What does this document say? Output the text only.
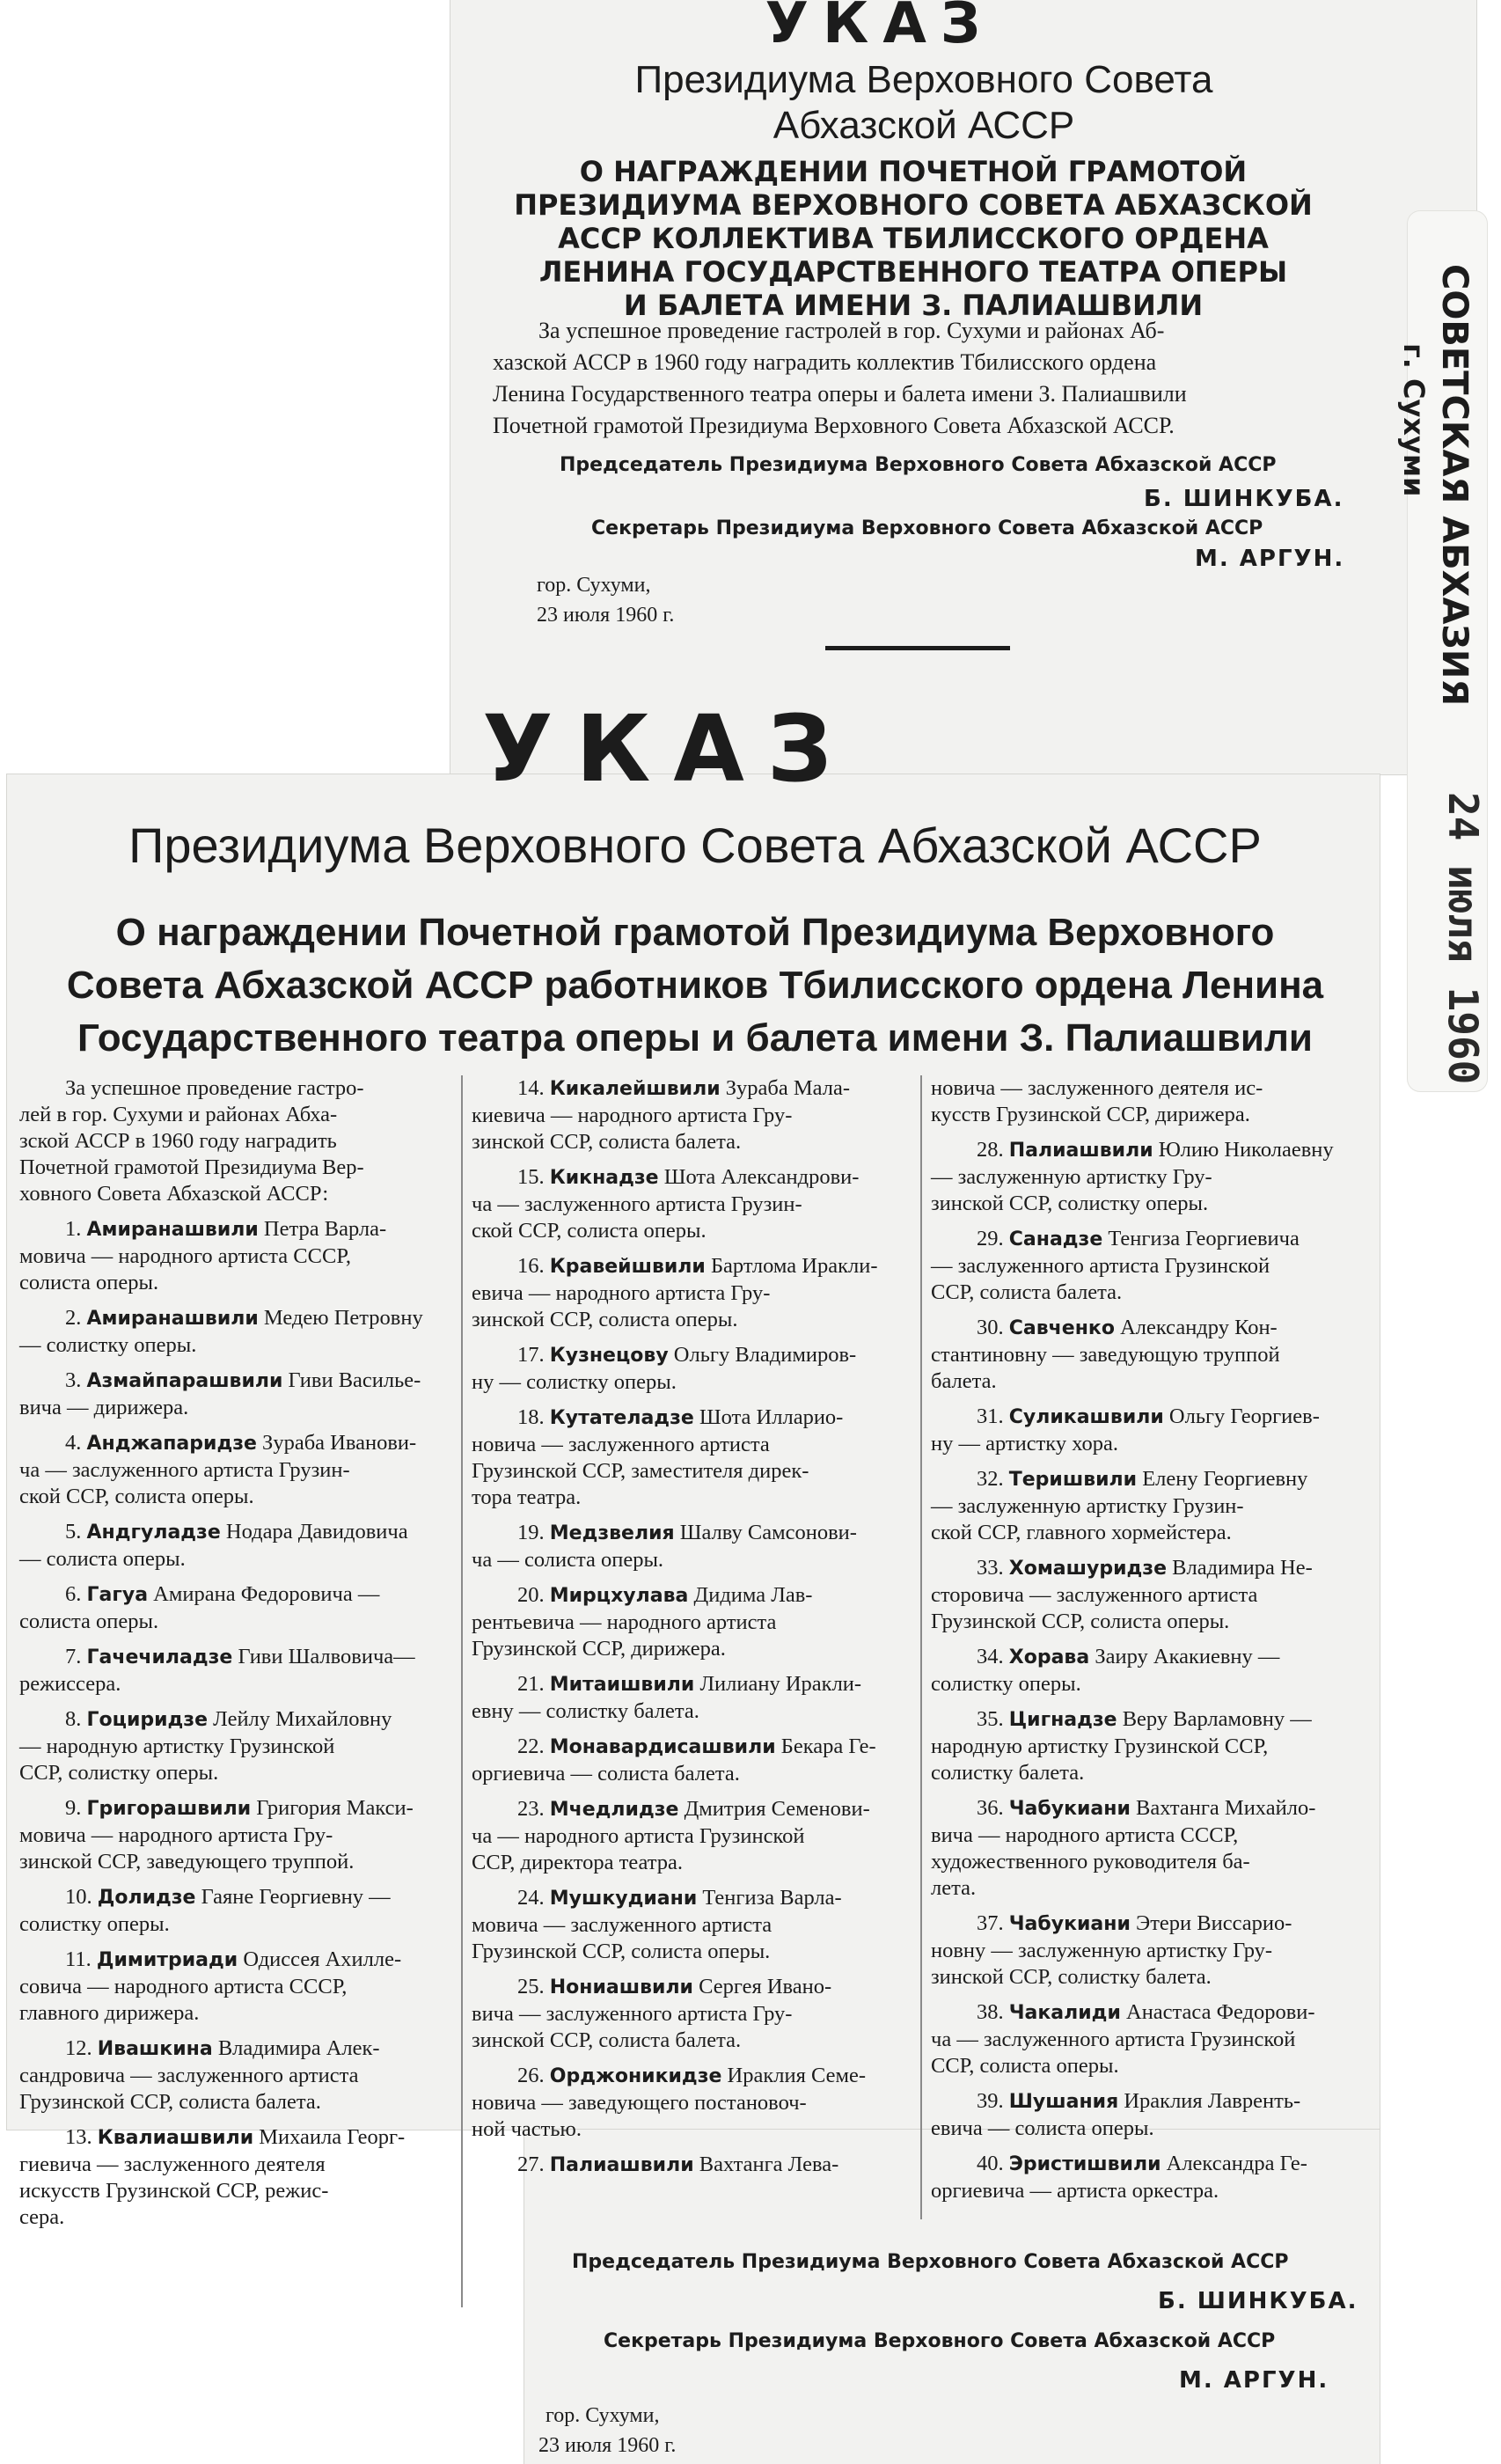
УКАЗ
Президиума Верховного Совета
Абхазской АССР
О НАГРАЖДЕНИИ ПОЧЕТНОЙ ГРАМОТОЙ
ПРЕЗИДИУМА ВЕРХОВНОГО СОВЕТА АБХАЗСКОЙ
АССР КОЛЛЕКТИВА ТБИЛИССКОГО ОРДЕНА
ЛЕНИНА ГОСУДАРСТВЕННОГО ТЕАТРА ОПЕРЫ
И БАЛЕТА ИМЕНИ З. ПАЛИАШВИЛИ
За успешное проведение гастролей в гор. Сухуми и районах Аб-
хазской АССР в 1960 году наградить коллектив Тбилисского ордена
Ленина Государственного театра оперы и балета имени З. Палиашвили
Почетной грамотой Президиума Верховного Совета Абхазской АССР.
Председатель Президиума Верховного Совета Абхазской АССР
Б. ШИНКУБА.
Секретарь Президиума Верховного Совета Абхазской АССР
М. АРГУН.
гор. Сухуми,
23 июля 1960 г.	СОВЕТСКАЯ АБХАЗИЯ
г. Сухуми
24 июля 1960
УКАЗ
Президиума Верховного Совета Абхазской АССР
О награждении Почетной грамотой Президиума Верховного
Совета Абхазской АССР работников Тбилисского ордена Ленина
Государственного театра оперы и балета имени З. Палиашвили
За успешное проведение гастро-
лей в гор. Сухуми и районах Абха-
зской АССР в 1960 году наградить
Почетной грамотой Президиума Вер-
ховного Совета Абхазской АССР:
1. Амиранашвили Петра Варла-
мовича — народного артиста СССР,
солиста оперы.
2. Амиранашвили Медею Петровну
— солистку оперы.
3. Азмайпарашвили Гиви Васильe-
вича — дирижера.
4. Анджапаридзе Зураба Иванови-
ча — заслуженного артиста Грузин-
ской ССР, солиста оперы.
5. Андгуладзе Нодара Давидовича
— солиста оперы.
6. Гагуа Амирана Федоровича —
солиста оперы.
7. Гачечиладзе Гиви Шалвовича—
режиссера.
8. Гоциридзе Лейлу Михайловну
— народную артистку Грузинской
ССР, солистку оперы.
9. Григорашвили Григория Макси-
мовича — народного артиста Гру-
зинской ССР, заведующего труппой.
10. Долидзе Гаяне Георгиевну —
солистку оперы.
11. Димитриади Одиссея Ахилле-
совича — народного артиста СССР,
главного дирижера.
12. Ивашкина Владимира Алек-
сандровича — заслуженного артиста
Грузинской ССР, солиста балета.
13. Квалиашвили Михаила Георг-
гиевича — заслуженного деятеля
искусств Грузинской ССР, режис-
сера.
14. Кикалейшвили Зураба Мала-
киевича — народного артиста Гру-
зинской ССР, солиста балета.
15. Кикнадзе Шота Александрови-
ча — заслуженного артиста Грузин-
ской ССР, солиста оперы.
16. Кравейшвили Бартлома Иракли-
евича — народного артиста Гру-
зинской ССР, солиста оперы.
17. Кузнецову Ольгу Владимиров-
ну — солистку оперы.
18. Кутателадзе Шота Илларио-
новича — заслуженного артиста
Грузинской ССР, заместителя дирек-
тора театра.
19. Медзвелия Шалву Самсонови-
ча — солиста оперы.
20. Мирцхулава Дидима Лав-
рентьевича — народного артиста
Грузинской ССР, дирижера.
21. Митаишвили Лилиану Иракли-
евну — солистку балета.
22. Монавардисашвили Бекара Ге-
оргиевича — солиста балета.
23. Мчедлидзе Дмитрия Семенови-
ча — народного артиста Грузинской
ССР, директора театра.
24. Мушкудиани Тенгиза Варла-
мовича — заслуженного артиста
Грузинской ССР, солиста оперы.
25. Нониашвили Сергея Ивано-
вича — заслуженного артиста Гру-
зинской ССР, солиста балета.
26. Орджоникидзе Ираклия Семе-
новича — заведующего постановоч-
ной частью.
27. Палиашвили Вахтанга Лева-
новича — заслуженного деятеля ис-
кусств Грузинской ССР, дирижера.
28. Палиашвили Юлию Николаевну
— заслуженную артистку Гру-
зинской ССР, солистку оперы.
29. Санадзе Тенгиза Георгиевича
— заслуженного артиста Грузинской
ССР, солиста балета.
30. Савченко Александру Кон-
стантиновну — заведующую труппой
балета.
31. Суликашвили Ольгу Георгиев-
ну — артистку хора.
32. Теришвили Елену Георгиевну
— заслуженную артистку Грузин-
ской ССР, главного хормейстера.
33. Хомашуридзе Владимира Не-
сторовича — заслуженного артиста
Грузинской ССР, солиста оперы.
34. Хорава Заиру Акакиевну —
солистку оперы.
35. Цигнадзе Веру Варламовну —
народную артистку Грузинской ССР,
солистку балета.
36. Чабукиани Вахтанга Михайло-
вича — народного артиста СССР,
художественного руководителя ба-
лета.
37. Чабукиани Этери Виссарио-
новну — заслуженную артистку Гру-
зинской ССР, солистку балета.
38. Чакалиди Анастаса Федорови-
ча — заслуженного артиста Грузинской
ССР, солиста оперы.
39. Шушания Ираклия Лавренть-
евича — солиста оперы.
40. Эристишвили Александра Ге-
оргиевича — артиста оркестра.
Председатель Президиума Верховного Совета Абхазской АССР
Б. ШИНКУБА.
Секретарь Президиума Верховного Совета Абхазской АССР
М. АРГУН.
гор. Сухуми,
23 июля 1960 г.
